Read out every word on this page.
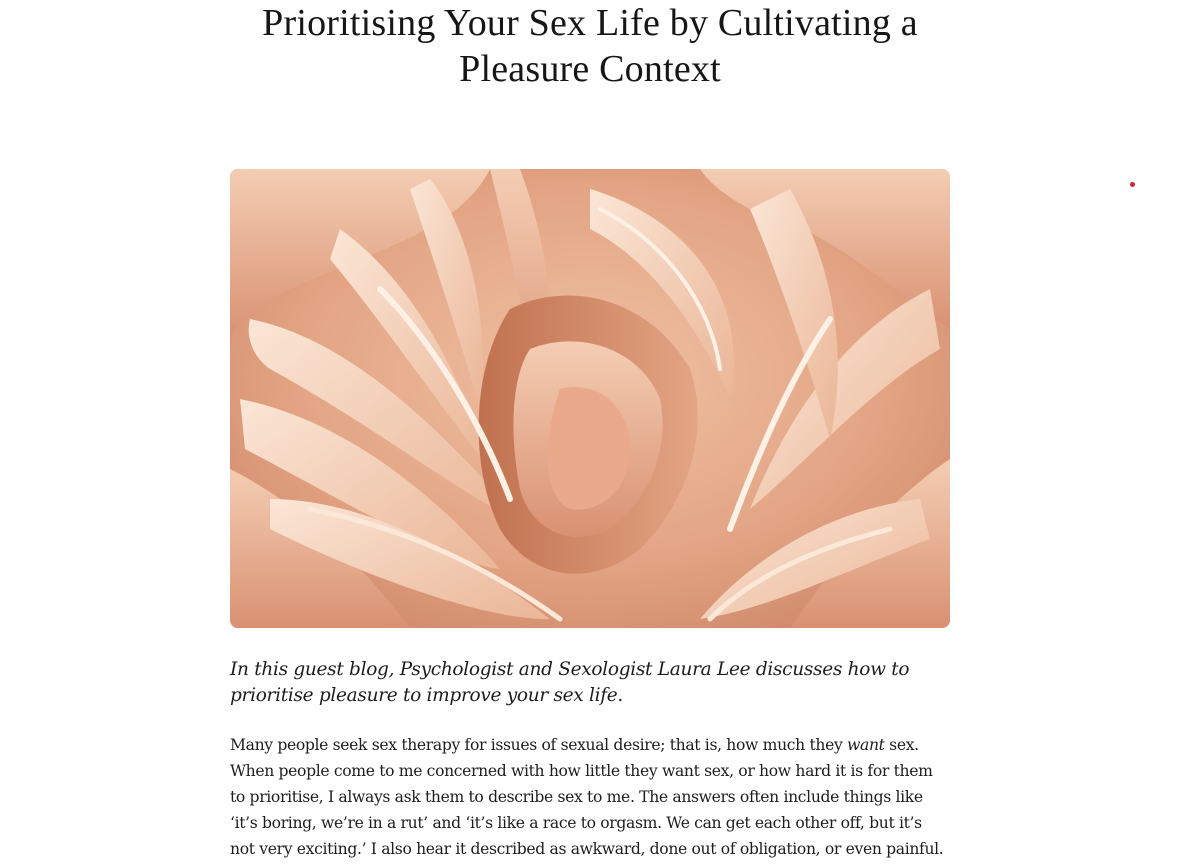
Prioritising Your Sex Life by Cultivating a Pleasure Context

In this guest blog, Psychologist and Sexologist Laura Lee discusses how to prioritise pleasure to improve your sex life.

Many people seek sex therapy for issues of sexual desire; that is, how much they want sex. When people come to me concerned with how little they want sex, or how hard it is for them to prioritise, I always ask them to describe sex to me. The answers often include things like ‘it’s boring, we’re in a rut’ and ‘it’s like a race to orgasm. We can get each other off, but it’s not very exciting.’ I also hear it described as awkward, done out of obligation, or even painful.
